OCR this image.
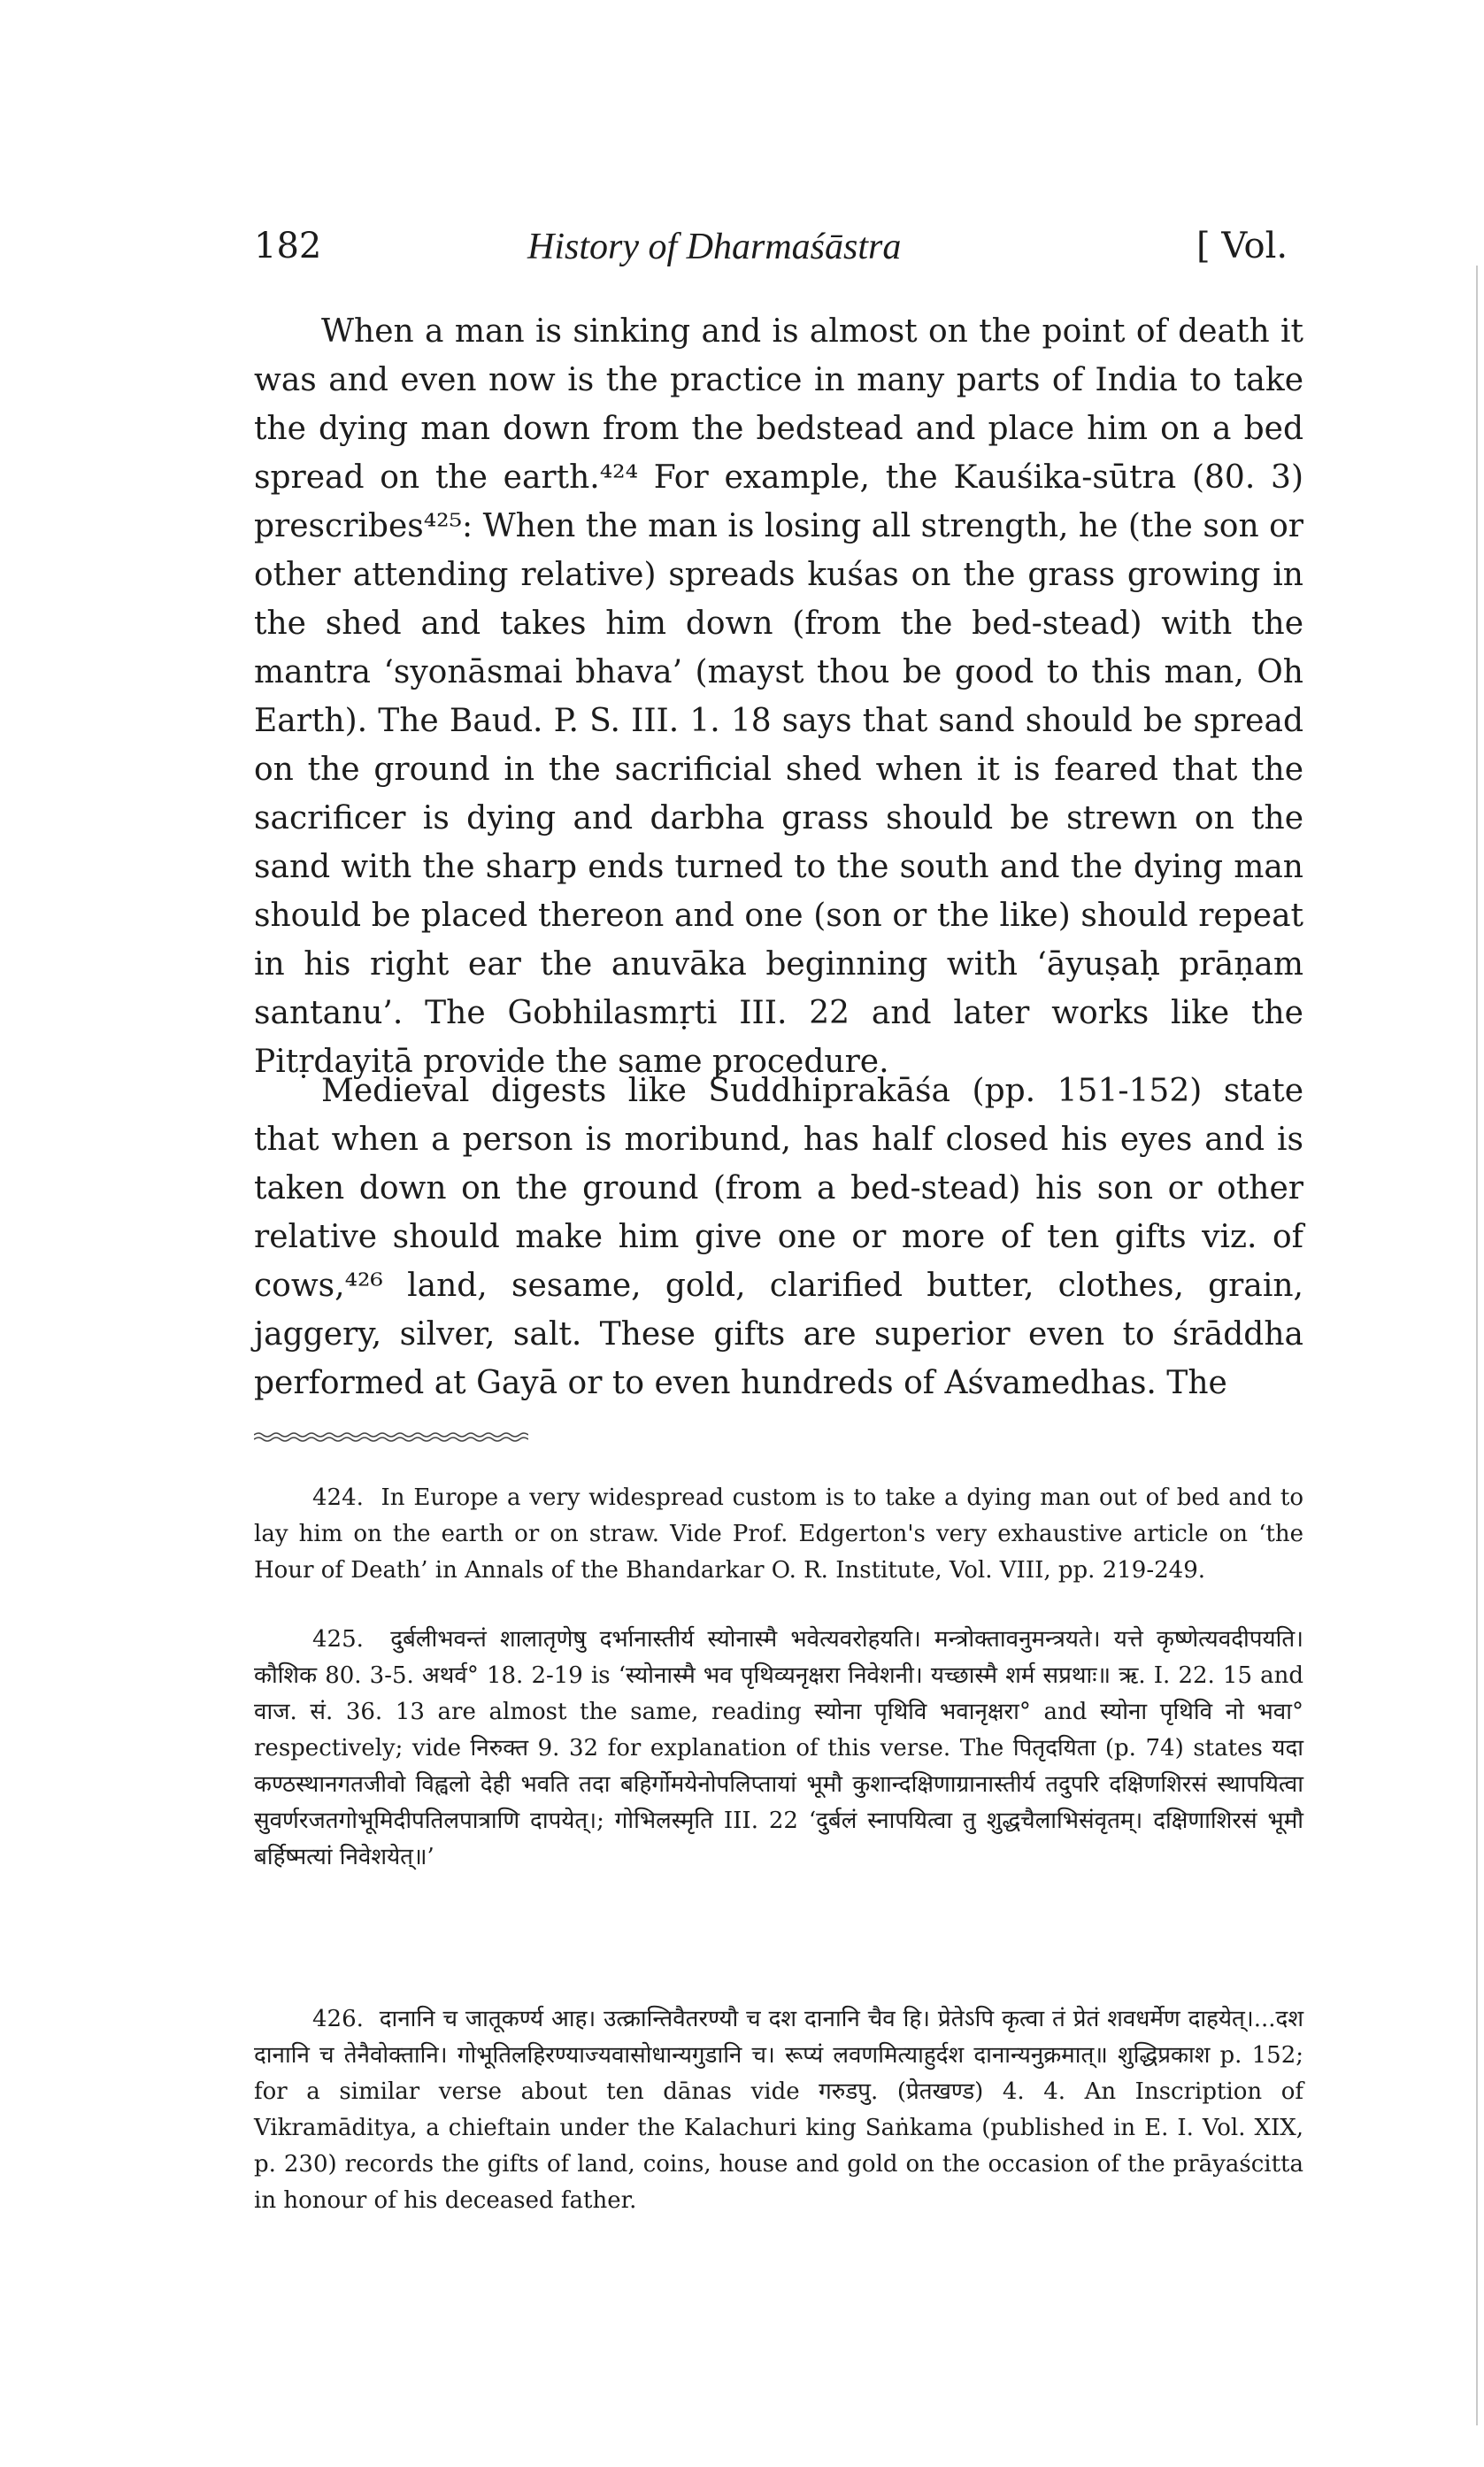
182	History of Dharmaśāstra	[ Vol.

When a man is sinking and is almost on the point of death it was and even now is the practice in many parts of India to take the dying man down from the bedstead and place him on a bed spread on the earth.⁴²⁴ For example, the Kauśika-sūtra (80. 3) prescribes⁴²⁵: When the man is losing all strength, he (the son or other attending relative) spreads kuśas on the grass growing in the shed and takes him down (from the bed-stead) with the mantra ‘syonāsmai bhava’ (mayst thou be good to this man, Oh Earth). The Baud. P. S. III. 1. 18 says that sand should be spread on the ground in the sacrificial shed when it is feared that the sacrificer is dying and darbha grass should be strewn on the sand with the sharp ends turned to the south and the dying man should be placed thereon and one (son or the like) should repeat in his right ear the anuvāka beginning with ‘āyuṣaḥ prāṇam santanu’. The Gobhilasmṛti III. 22 and later works like the Pitṛdayitā provide the same procedure.

Medieval digests like Śuddhiprakāśa (pp. 151-152) state that when a person is moribund, has half closed his eyes and is taken down on the ground (from a bed-stead) his son or other relative should make him give one or more of ten gifts viz. of cows,⁴²⁶ land, sesame, gold, clarified butter, clothes, grain, jaggery, silver, salt. These gifts are superior even to śrāddha performed at Gayā or to even hundreds of Aśvamedhas. The

424. In Europe a very widespread custom is to take a dying man out of bed and to lay him on the earth or on straw. Vide Prof. Edgerton's very exhaustive article on ‘the Hour of Death’ in Annals of the Bhandarkar O. R. Institute, Vol. VIII, pp. 219-249.

425. दुर्बलीभवन्तं शालातृणेषु दर्भानास्तीर्य स्योनास्मै भवेत्यवरोहयति। मन्त्रोक्तावनुमन्त्रयते। यत्ते कृष्णेत्यवदीपयति। कौशिक 80. 3-5. अथर्व° 18. 2-19 is ‘स्योनास्मै भव पृथिव्यनृक्षरा निवेशनी। यच्छास्मै शर्म सप्रथाः॥ ऋ. I. 22. 15 and वाज. सं. 36. 13 are almost the same, reading स्योना पृथिवि भवानृक्षरा° and स्योना पृथिवि नो भवा° respectively; vide निरुक्त 9. 32 for explanation of this verse. The पितृदयिता (p. 74) states यदा कण्ठस्थानगतजीवो विह्वलो देही भवति तदा बहिर्गोमयेनोपलिप्तायां भूमौ कुशान्दक्षिणाग्रानास्तीर्य तदुपरि दक्षिणशिरसं स्थापयित्वा सुवर्णरजतगोभूमिदीपतिलपात्राणि दापयेत्।; गोभिलस्मृति III. 22 ‘दुर्बलं स्नापयित्वा तु शुद्धचैलाभिसंवृतम्। दक्षिणाशिरसं भूमौ बर्हिष्मत्यां निवेशयेत्॥’

426. दानानि च जातूकर्ण्य आह। उत्क्रान्तिवैतरण्यौ च दश दानानि चैव हि। प्रेतेऽपि कृत्वा तं प्रेतं शवधर्मेण दाहयेत्।...दश दानानि च तेनैवोक्तानि। गोभूतिलहिरण्याज्यवासोधान्यगुडानि च। रूप्यं लवणमित्याहुर्दश दानान्यनुक्रमात्॥ शुद्धिप्रकाश p. 152; for a similar verse about ten dānas vide गरुडपु. (प्रेतखण्ड) 4. 4. An Inscription of Vikramāditya, a chieftain under the Kalachuri king Saṅkama (published in E. I. Vol. XIX, p. 230) records the gifts of land, coins, house and gold on the occasion of the prāyaścitta in honour of his deceased father.
